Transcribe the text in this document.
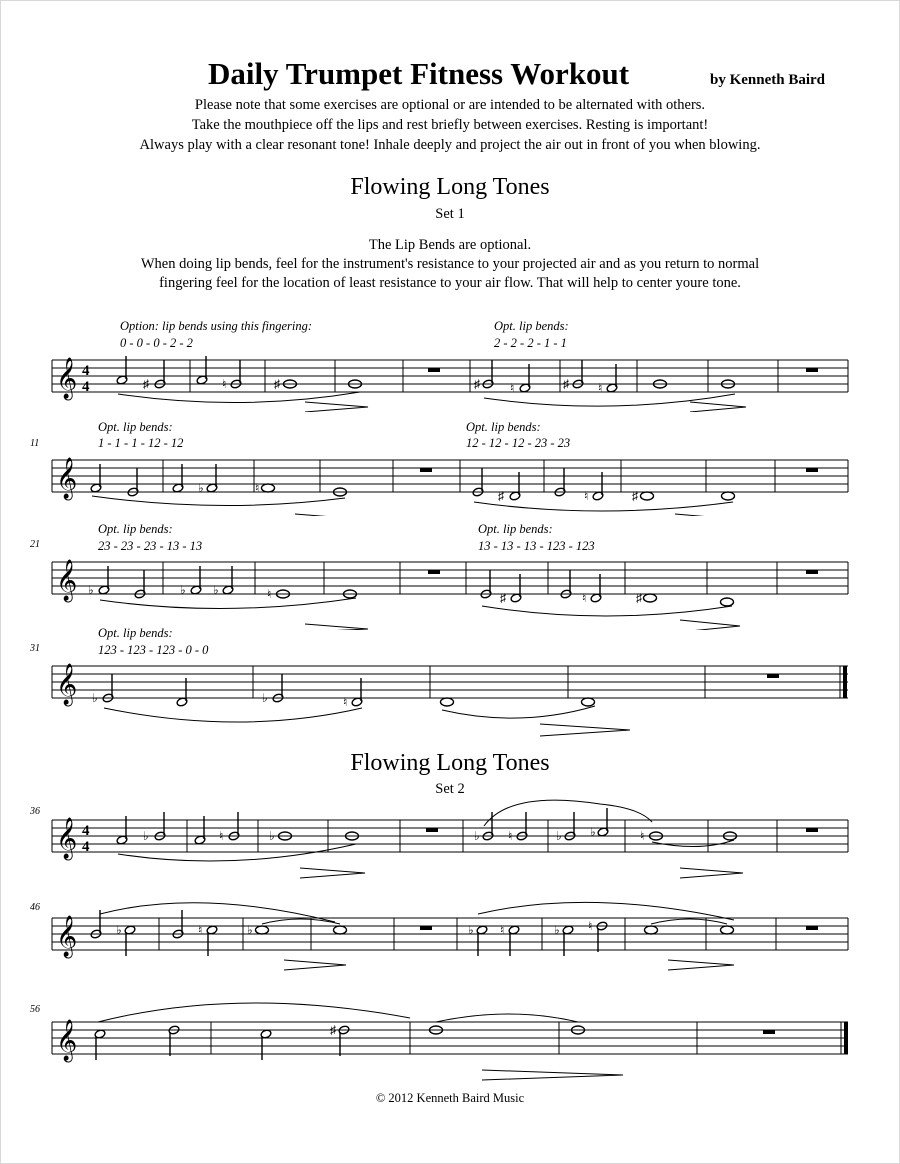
Daily Trumpet Fitness Workout	by Kenneth Baird
Please note that some exercises are optional or are intended to be alternated with others.
Take the mouthpiece off the lips and rest briefly between exercises. Resting is important!
Always play with a clear resonant tone! Inhale deeply and project the air out in front of you when blowing.
Flowing Long Tones
Set 1
The Lip Bends are optional.
When doing lip bends, feel for the instrument's resistance to your projected air and as you return to normal
fingering feel for the location of least resistance to your air flow. That will help to center youre tone.
Option: lip bends using this fingering:
0 - 0 - 0 - 2 - 2
Opt. lip bends:
2 - 2 - 2 - 1 - 1
𝄞 4
4	♯	♮	♯	♯	♮	♯ ♮
11
Opt. lip bends:
1 - 1 - 1 - 12 - 12
Opt. lip bends:
12 - 12 - 12 - 23 - 23
𝄞	♭	♮
♯	♮	♯
21
Opt. lip bends:
23 - 23 - 23 - 13 - 13
Opt. lip bends:
13 - 13 - 13 - 123 - 123
𝄞 ♭	♭ ♭	♮	♯	♮	♯
31
Opt. lip bends:
123 - 123 - 123 - 0 - 0
𝄞 ♭	♭	♮
Flowing Long Tones
Set 2
36
𝄞 4
4
♭	♮	♭	♭ ♮	♭ ♭	♮
46
𝄞	♭	♮	♭	♭ ♮	♭ ♮
56
𝄞	♯
© 2012 Kenneth Baird Music
